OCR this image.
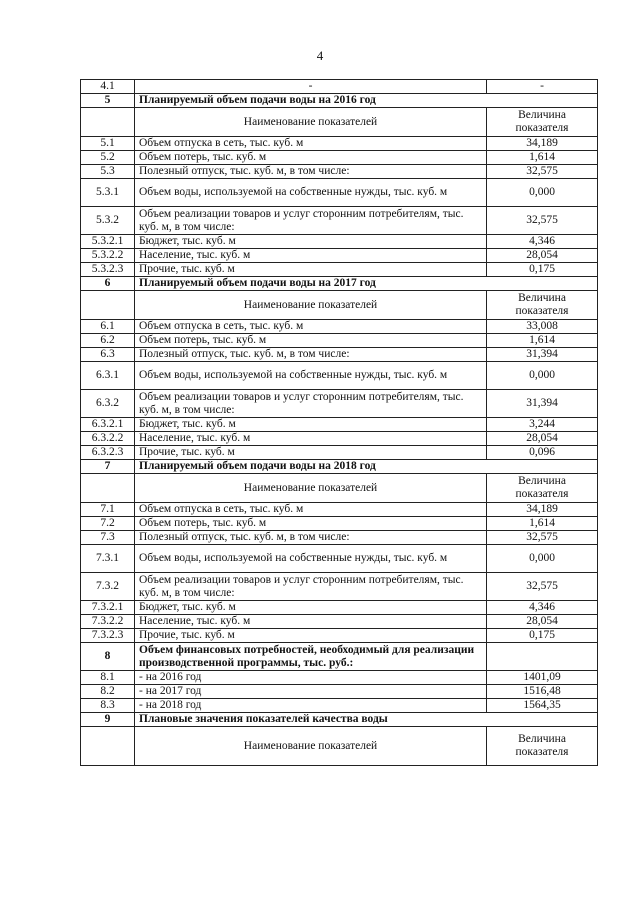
4
4.1	-	-
5	Планируемый объем подачи воды на 2016 год	
	Наименование показателей	Величина показателя
5.1	Объем отпуска в сеть, тыс. куб. м	34,189
5.2	Объем потерь, тыс. куб. м	1,614
5.3	Полезный отпуск, тыс. куб. м, в том числе:	32,575
5.3.1	Объем воды, используемой на собственные нужды, тыс. куб. м	0,000
5.3.2	Объем реализации товаров и услуг сторонним потребителям, тыс. куб. м, в том числе:	32,575
5.3.2.1	Бюджет, тыс. куб. м	4,346
5.3.2.2	Население, тыс. куб. м	28,054
5.3.2.3	Прочие, тыс. куб. м	0,175
6	Планируемый объем подачи воды на 2017 год	
	Наименование показателей	Величина показателя
6.1	Объем отпуска в сеть, тыс. куб. м	33,008
6.2	Объем потерь, тыс. куб. м	1,614
6.3	Полезный отпуск, тыс. куб. м, в том числе:	31,394
6.3.1	Объем воды, используемой на собственные нужды, тыс. куб. м	0,000
6.3.2	Объем реализации товаров и услуг сторонним потребителям, тыс. куб. м, в том числе:	31,394
6.3.2.1	Бюджет, тыс. куб. м	3,244
6.3.2.2	Население, тыс. куб. м	28,054
6.3.2.3	Прочие, тыс. куб. м	0,096
7	Планируемый объем подачи воды на 2018 год	
	Наименование показателей	Величина показателя
7.1	Объем отпуска в сеть, тыс. куб. м	34,189
7.2	Объем потерь, тыс. куб. м	1,614
7.3	Полезный отпуск, тыс. куб. м, в том числе:	32,575
7.3.1	Объем воды, используемой на собственные нужды, тыс. куб. м	0,000
7.3.2	Объем реализации товаров и услуг сторонним потребителям, тыс. куб. м, в том числе:	32,575
7.3.2.1	Бюджет, тыс. куб. м	4,346
7.3.2.2	Население, тыс. куб. м	28,054
7.3.2.3	Прочие, тыс. куб. м	0,175
8	Объем финансовых потребностей, необходимый для реализации производственной программы, тыс. руб.:	
8.1	- на 2016 год	1401,09
8.2	- на 2017 год	1516,48
8.3	- на 2018 год	1564,35
9	Плановые значения показателей качества воды	
	Наименование показателей	Величина показателя
